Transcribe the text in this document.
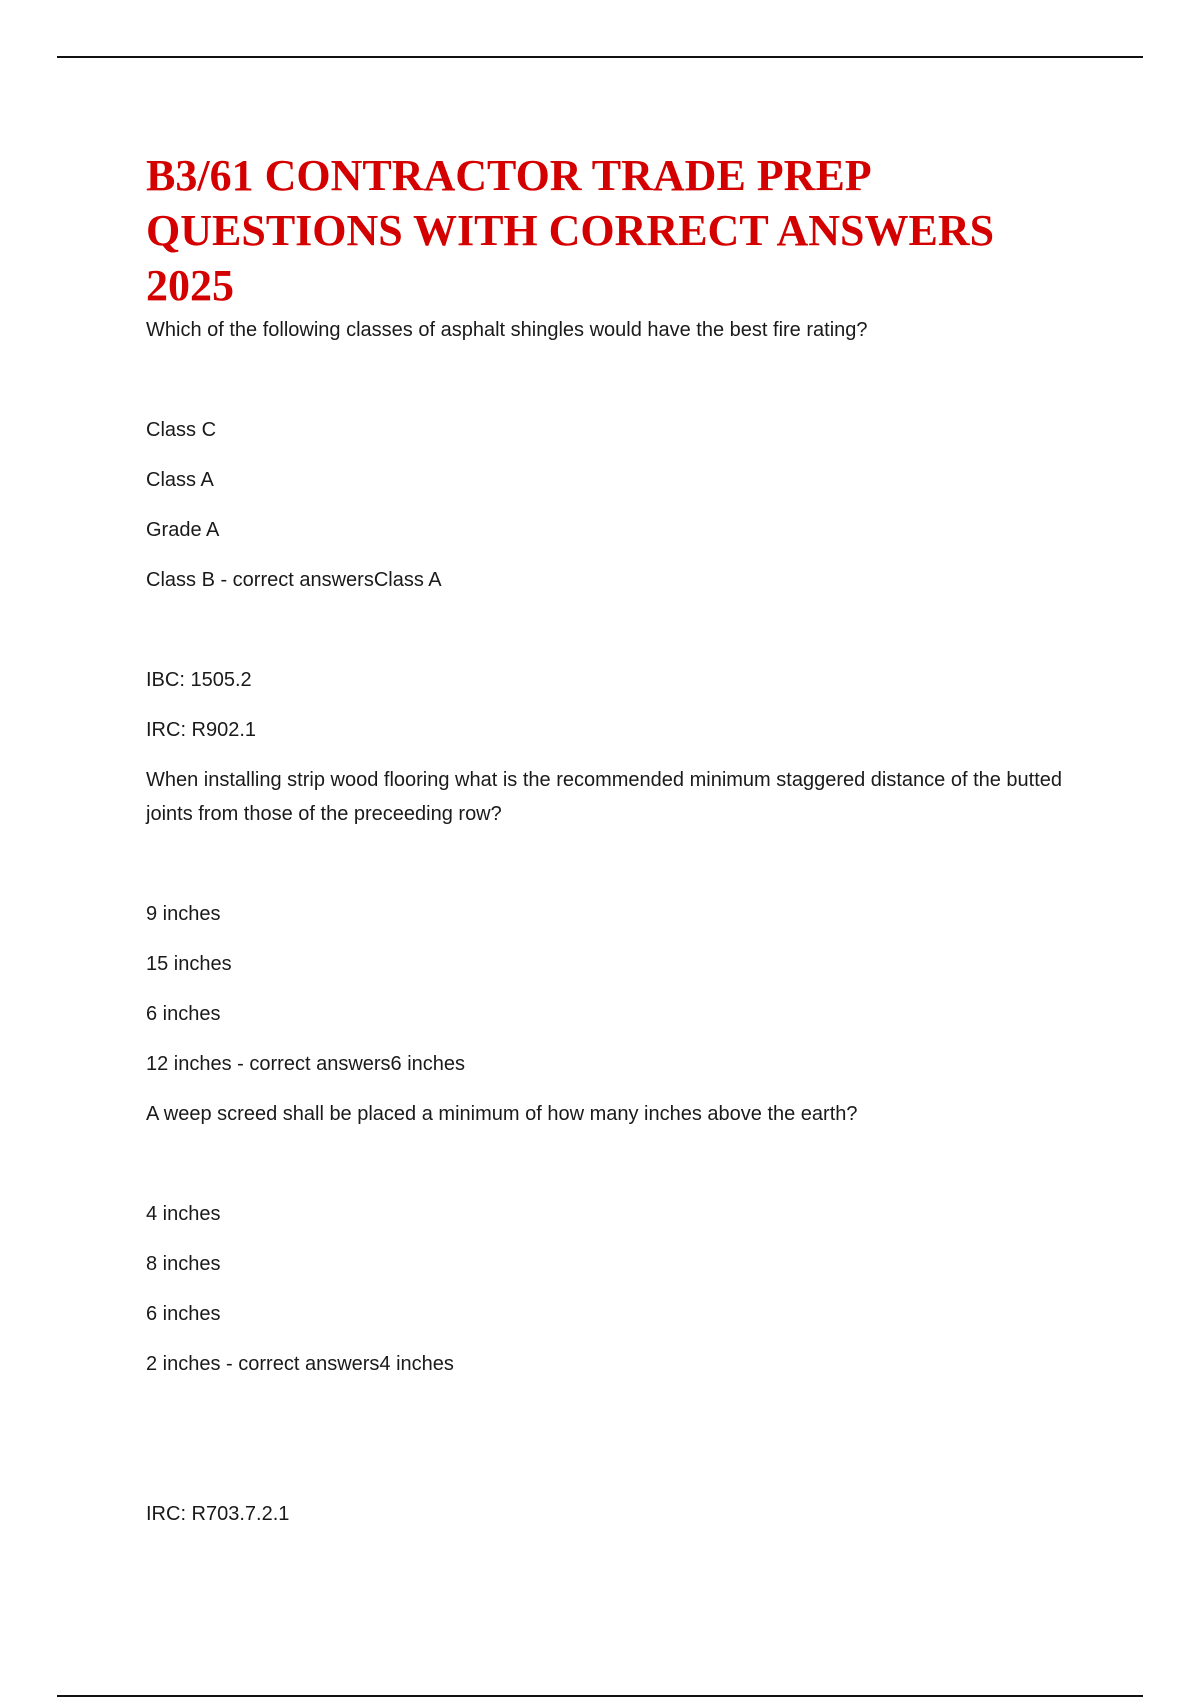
B3/61 CONTRACTOR TRADE PREP QUESTIONS WITH CORRECT ANSWERS 2025

Which of the following classes of asphalt shingles would have the best fire rating?

Class C

Class A

Grade A

Class B - correct answersClass A

IBC: 1505.2

IRC: R902.1

When installing strip wood flooring what is the recommended minimum staggered distance of the butted joints from those of the preceeding row?

9 inches

15 inches

6 inches

12 inches - correct answers6 inches

A weep screed shall be placed a minimum of how many inches above the earth?

4 inches

8 inches

6 inches

2 inches - correct answers4 inches

IRC: R703.7.2.1
